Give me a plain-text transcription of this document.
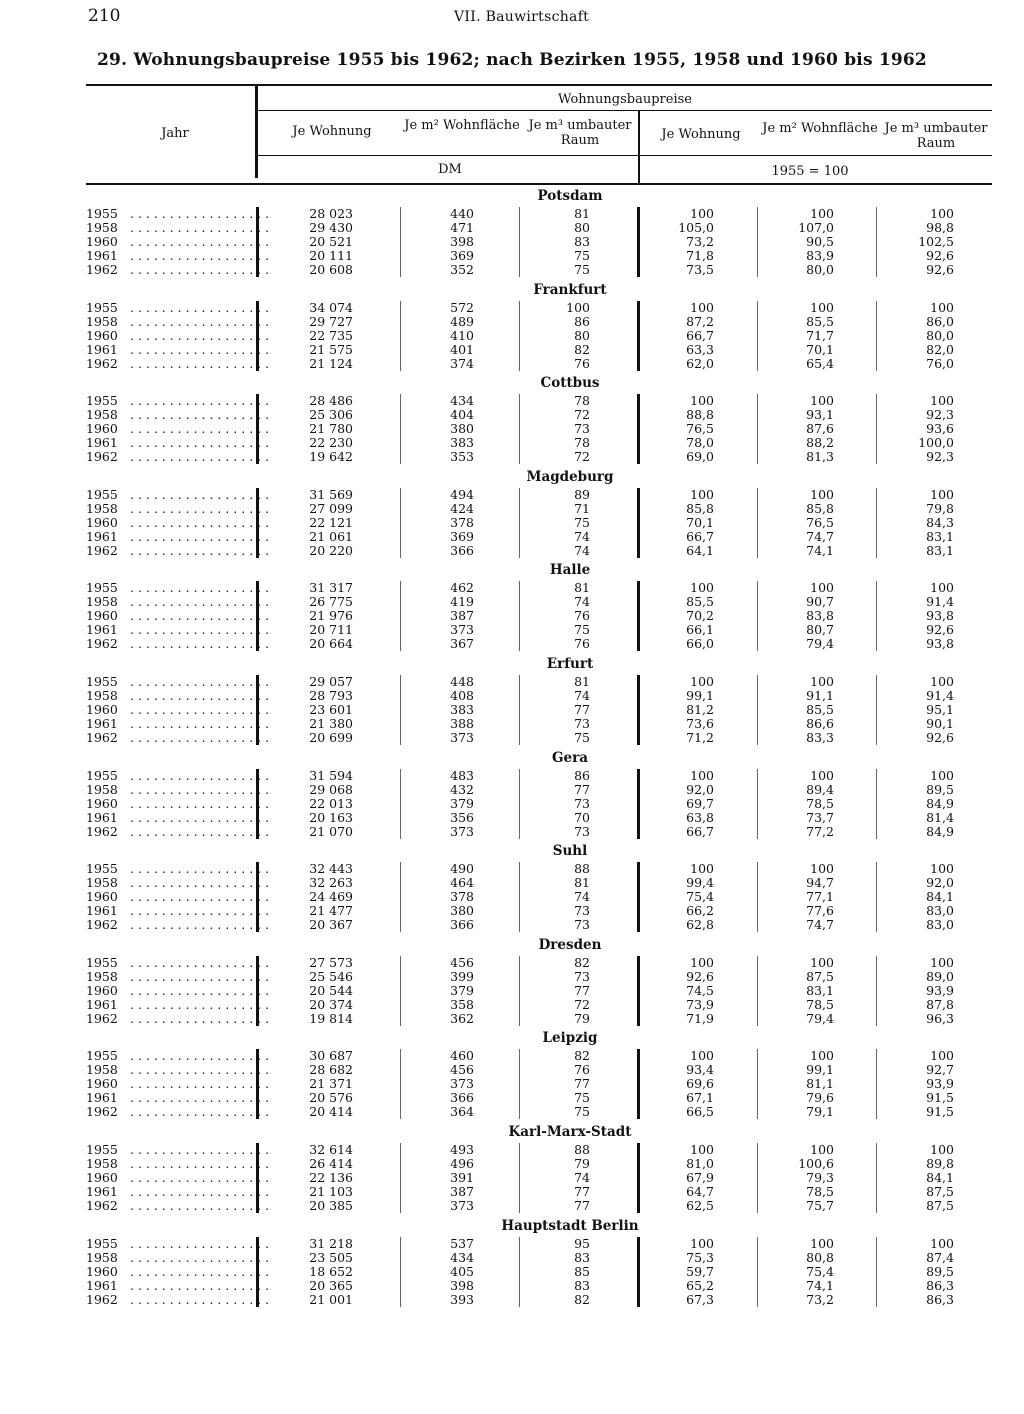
210	VII. Bauwirtschaft
29. Wohnungsbaupreise 1955 bis 1962; nach Bezirken 1955, 1958 und 1960 bis 1962
Jahr
Wohnungsbaupreise
Je Wohnung	Je m² Wohnfläche Je m³ umbauter Raum	Je Wohnung	Je m² Wohnfläche Je m³ umbauter Raum
DM	1955 = 100
Potsdam
1955 . . . . . . . . . . . . . . . . . .	28 023	440	81	100	100	100
1958 . . . . . . . . . . . . . . . . . .	29 430	471	80	105,0	107,0	98,8
1960 . . . . . . . . . . . . . . . . . .	20 521	398	83	73,2	90,5	102,5
1961 . . . . . . . . . . . . . . . . . .	20 111	369	75	71,8	83,9	92,6
1962 . . . . . . . . . . . . . . . . . .	20 608	352	75	73,5	80,0	92,6
Frankfurt
1955 . . . . . . . . . . . . . . . . . .	34 074	572	100	100	100	100
1958 . . . . . . . . . . . . . . . . . .	29 727	489	86	87,2	85,5	86,0
1960 . . . . . . . . . . . . . . . . . .	22 735	410	80	66,7	71,7	80,0
1961 . . . . . . . . . . . . . . . . . .	21 575	401	82	63,3	70,1	82,0
1962 . . . . . . . . . . . . . . . . . .	21 124	374	76	62,0	65,4	76,0
Cottbus
1955 . . . . . . . . . . . . . . . . . .	28 486	434	78	100	100	100
1958 . . . . . . . . . . . . . . . . . .	25 306	404	72	88,8	93,1	92,3
1960 . . . . . . . . . . . . . . . . . .	21 780	380	73	76,5	87,6	93,6
1961 . . . . . . . . . . . . . . . . . .	22 230	383	78	78,0	88,2	100,0
1962 . . . . . . . . . . . . . . . . . .	19 642	353	72	69,0	81,3	92,3
Magdeburg
1955 . . . . . . . . . . . . . . . . . .	31 569	494	89	100	100	100
1958 . . . . . . . . . . . . . . . . . .	27 099	424	71	85,8	85,8	79,8
1960 . . . . . . . . . . . . . . . . . .	22 121	378	75	70,1	76,5	84,3
1961 . . . . . . . . . . . . . . . . . .	21 061	369	74	66,7	74,7	83,1
1962 . . . . . . . . . . . . . . . . . .	20 220	366	74	64,1	74,1	83,1
Halle
1955 . . . . . . . . . . . . . . . . . .	31 317	462	81	100	100	100
1958 . . . . . . . . . . . . . . . . . .	26 775	419	74	85,5	90,7	91,4
1960 . . . . . . . . . . . . . . . . . .	21 976	387	76	70,2	83,8	93,8
1961 . . . . . . . . . . . . . . . . . .	20 711	373	75	66,1	80,7	92,6
1962 . . . . . . . . . . . . . . . . . .	20 664	367	76	66,0	79,4	93,8
Erfurt
1955 . . . . . . . . . . . . . . . . . .	29 057	448	81	100	100	100
1958 . . . . . . . . . . . . . . . . . .	28 793	408	74	99,1	91,1	91,4
1960 . . . . . . . . . . . . . . . . . .	23 601	383	77	81,2	85,5	95,1
1961 . . . . . . . . . . . . . . . . . .	21 380	388	73	73,6	86,6	90,1
1962 . . . . . . . . . . . . . . . . . .	20 699	373	75	71,2	83,3	92,6
Gera
1955 . . . . . . . . . . . . . . . . . .	31 594	483	86	100	100	100
1958 . . . . . . . . . . . . . . . . . .	29 068	432	77	92,0	89,4	89,5
1960 . . . . . . . . . . . . . . . . . .	22 013	379	73	69,7	78,5	84,9
1961 . . . . . . . . . . . . . . . . . .	20 163	356	70	63,8	73,7	81,4
1962 . . . . . . . . . . . . . . . . . .	21 070	373	73	66,7	77,2	84,9
Suhl
1955 . . . . . . . . . . . . . . . . . .	32 443	490	88	100	100	100
1958 . . . . . . . . . . . . . . . . . .	32 263	464	81	99,4	94,7	92,0
1960 . . . . . . . . . . . . . . . . . .	24 469	378	74	75,4	77,1	84,1
1961 . . . . . . . . . . . . . . . . . .	21 477	380	73	66,2	77,6	83,0
1962 . . . . . . . . . . . . . . . . . .	20 367	366	73	62,8	74,7	83,0
Dresden
1955 . . . . . . . . . . . . . . . . . .	27 573	456	82	100	100	100
1958 . . . . . . . . . . . . . . . . . .	25 546	399	73	92,6	87,5	89,0
1960 . . . . . . . . . . . . . . . . . .	20 544	379	77	74,5	83,1	93,9
1961 . . . . . . . . . . . . . . . . . .	20 374	358	72	73,9	78,5	87,8
1962 . . . . . . . . . . . . . . . . . .	19 814	362	79	71,9	79,4	96,3
Leipzig
1955 . . . . . . . . . . . . . . . . . .	30 687	460	82	100	100	100
1958 . . . . . . . . . . . . . . . . . .	28 682	456	76	93,4	99,1	92,7
1960 . . . . . . . . . . . . . . . . . .	21 371	373	77	69,6	81,1	93,9
1961 . . . . . . . . . . . . . . . . . .	20 576	366	75	67,1	79,6	91,5
1962 . . . . . . . . . . . . . . . . . .	20 414	364	75	66,5	79,1	91,5
Karl-Marx-Stadt
1955 . . . . . . . . . . . . . . . . . .	32 614	493	88	100	100	100
1958 . . . . . . . . . . . . . . . . . .	26 414	496	79	81,0	100,6	89,8
1960 . . . . . . . . . . . . . . . . . .	22 136	391	74	67,9	79,3	84,1
1961 . . . . . . . . . . . . . . . . . .	21 103	387	77	64,7	78,5	87,5
1962 . . . . . . . . . . . . . . . . . .	20 385	373	77	62,5	75,7	87,5
Hauptstadt Berlin
1955 . . . . . . . . . . . . . . . . . .	31 218	537	95	100	100	100
1958 . . . . . . . . . . . . . . . . . .	23 505	434	83	75,3	80,8	87,4
1960 . . . . . . . . . . . . . . . . . .	18 652	405	85	59,7	75,4	89,5
1961 . . . . . . . . . . . . . . . . . .	20 365	398	83	65,2	74,1	86,3
1962 . . . . . . . . . . . . . . . . . .	21 001	393	82	67,3	73,2	86,3
